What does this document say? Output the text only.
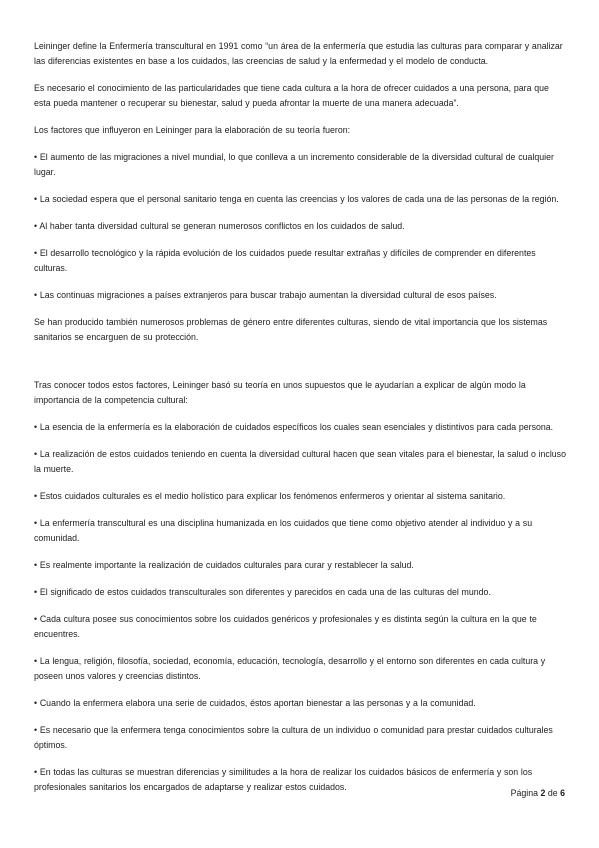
Leininger define la Enfermería transcultural en 1991 como “un área de la enfermería que estudia las culturas para comparar y analizar las diferencias existentes en base a los cuidados, las creencias de salud y la enfermedad y el modelo de conducta.

Es necesario el conocimiento de las particularidades que tiene cada cultura a la hora de ofrecer cuidados a una persona, para que esta pueda mantener o recuperar su bienestar, salud y pueda afrontar la muerte de una manera adecuada”.

Los factores que influyeron en Leininger para la elaboración de su teoría fueron:

• El aumento de las migraciones a nivel mundial, lo que conlleva a un incremento considerable de la diversidad cultural de cualquier lugar.

• La sociedad espera que el personal sanitario tenga en cuenta las creencias y los valores de cada una de las personas de la región.

• Al haber tanta diversidad cultural se generan numerosos conflictos en los cuidados de salud.

• El desarrollo tecnológico y la rápida evolución de los cuidados puede resultar extrañas y difíciles de comprender en diferentes culturas.

• Las continuas migraciones a países extranjeros para buscar trabajo aumentan la diversidad cultural de esos países.

Se han producido también numerosos problemas de género entre diferentes culturas, siendo de vital importancia que los sistemas sanitarios se encarguen de su protección.

Tras conocer todos estos factores, Leininger basó su teoría en unos supuestos que le ayudarían a explicar de algún modo la importancia de la competencia cultural:

• La esencia de la enfermería es la elaboración de cuidados específicos los cuales sean esenciales y distintivos para cada persona.

• La realización de estos cuidados teniendo en cuenta la diversidad cultural hacen que sean vitales para el bienestar, la salud o incluso la muerte.

• Estos cuidados culturales es el medio holístico para explicar los fenómenos enfermeros y orientar al sistema sanitario.

• La enfermería transcultural es una disciplina humanizada en los cuidados que tiene como objetivo atender al individuo y a su comunidad.

• Es realmente importante la realización de cuidados culturales para curar y restablecer la salud.

• El significado de estos cuidados transculturales son diferentes y parecidos en cada una de las culturas del mundo.

• Cada cultura posee sus conocimientos sobre los cuidados genéricos y profesionales y es distinta según la cultura en la que te encuentres.

• La lengua, religión, filosofía, sociedad, economía, educación, tecnología, desarrollo y el entorno son diferentes en cada cultura y poseen unos valores y creencias distintos.

• Cuando la enfermera elabora una serie de cuidados, éstos aportan bienestar a las personas y a la comunidad.

• Es necesario que la enfermera tenga conocimientos sobre la cultura de un individuo o comunidad para prestar cuidados culturales óptimos.

• En todas las culturas se muestran diferencias y similitudes a la hora de realizar los cuidados básicos de enfermería y son los profesionales sanitarios los encargados de adaptarse y realizar estos cuidados.

Página 2 de 6
